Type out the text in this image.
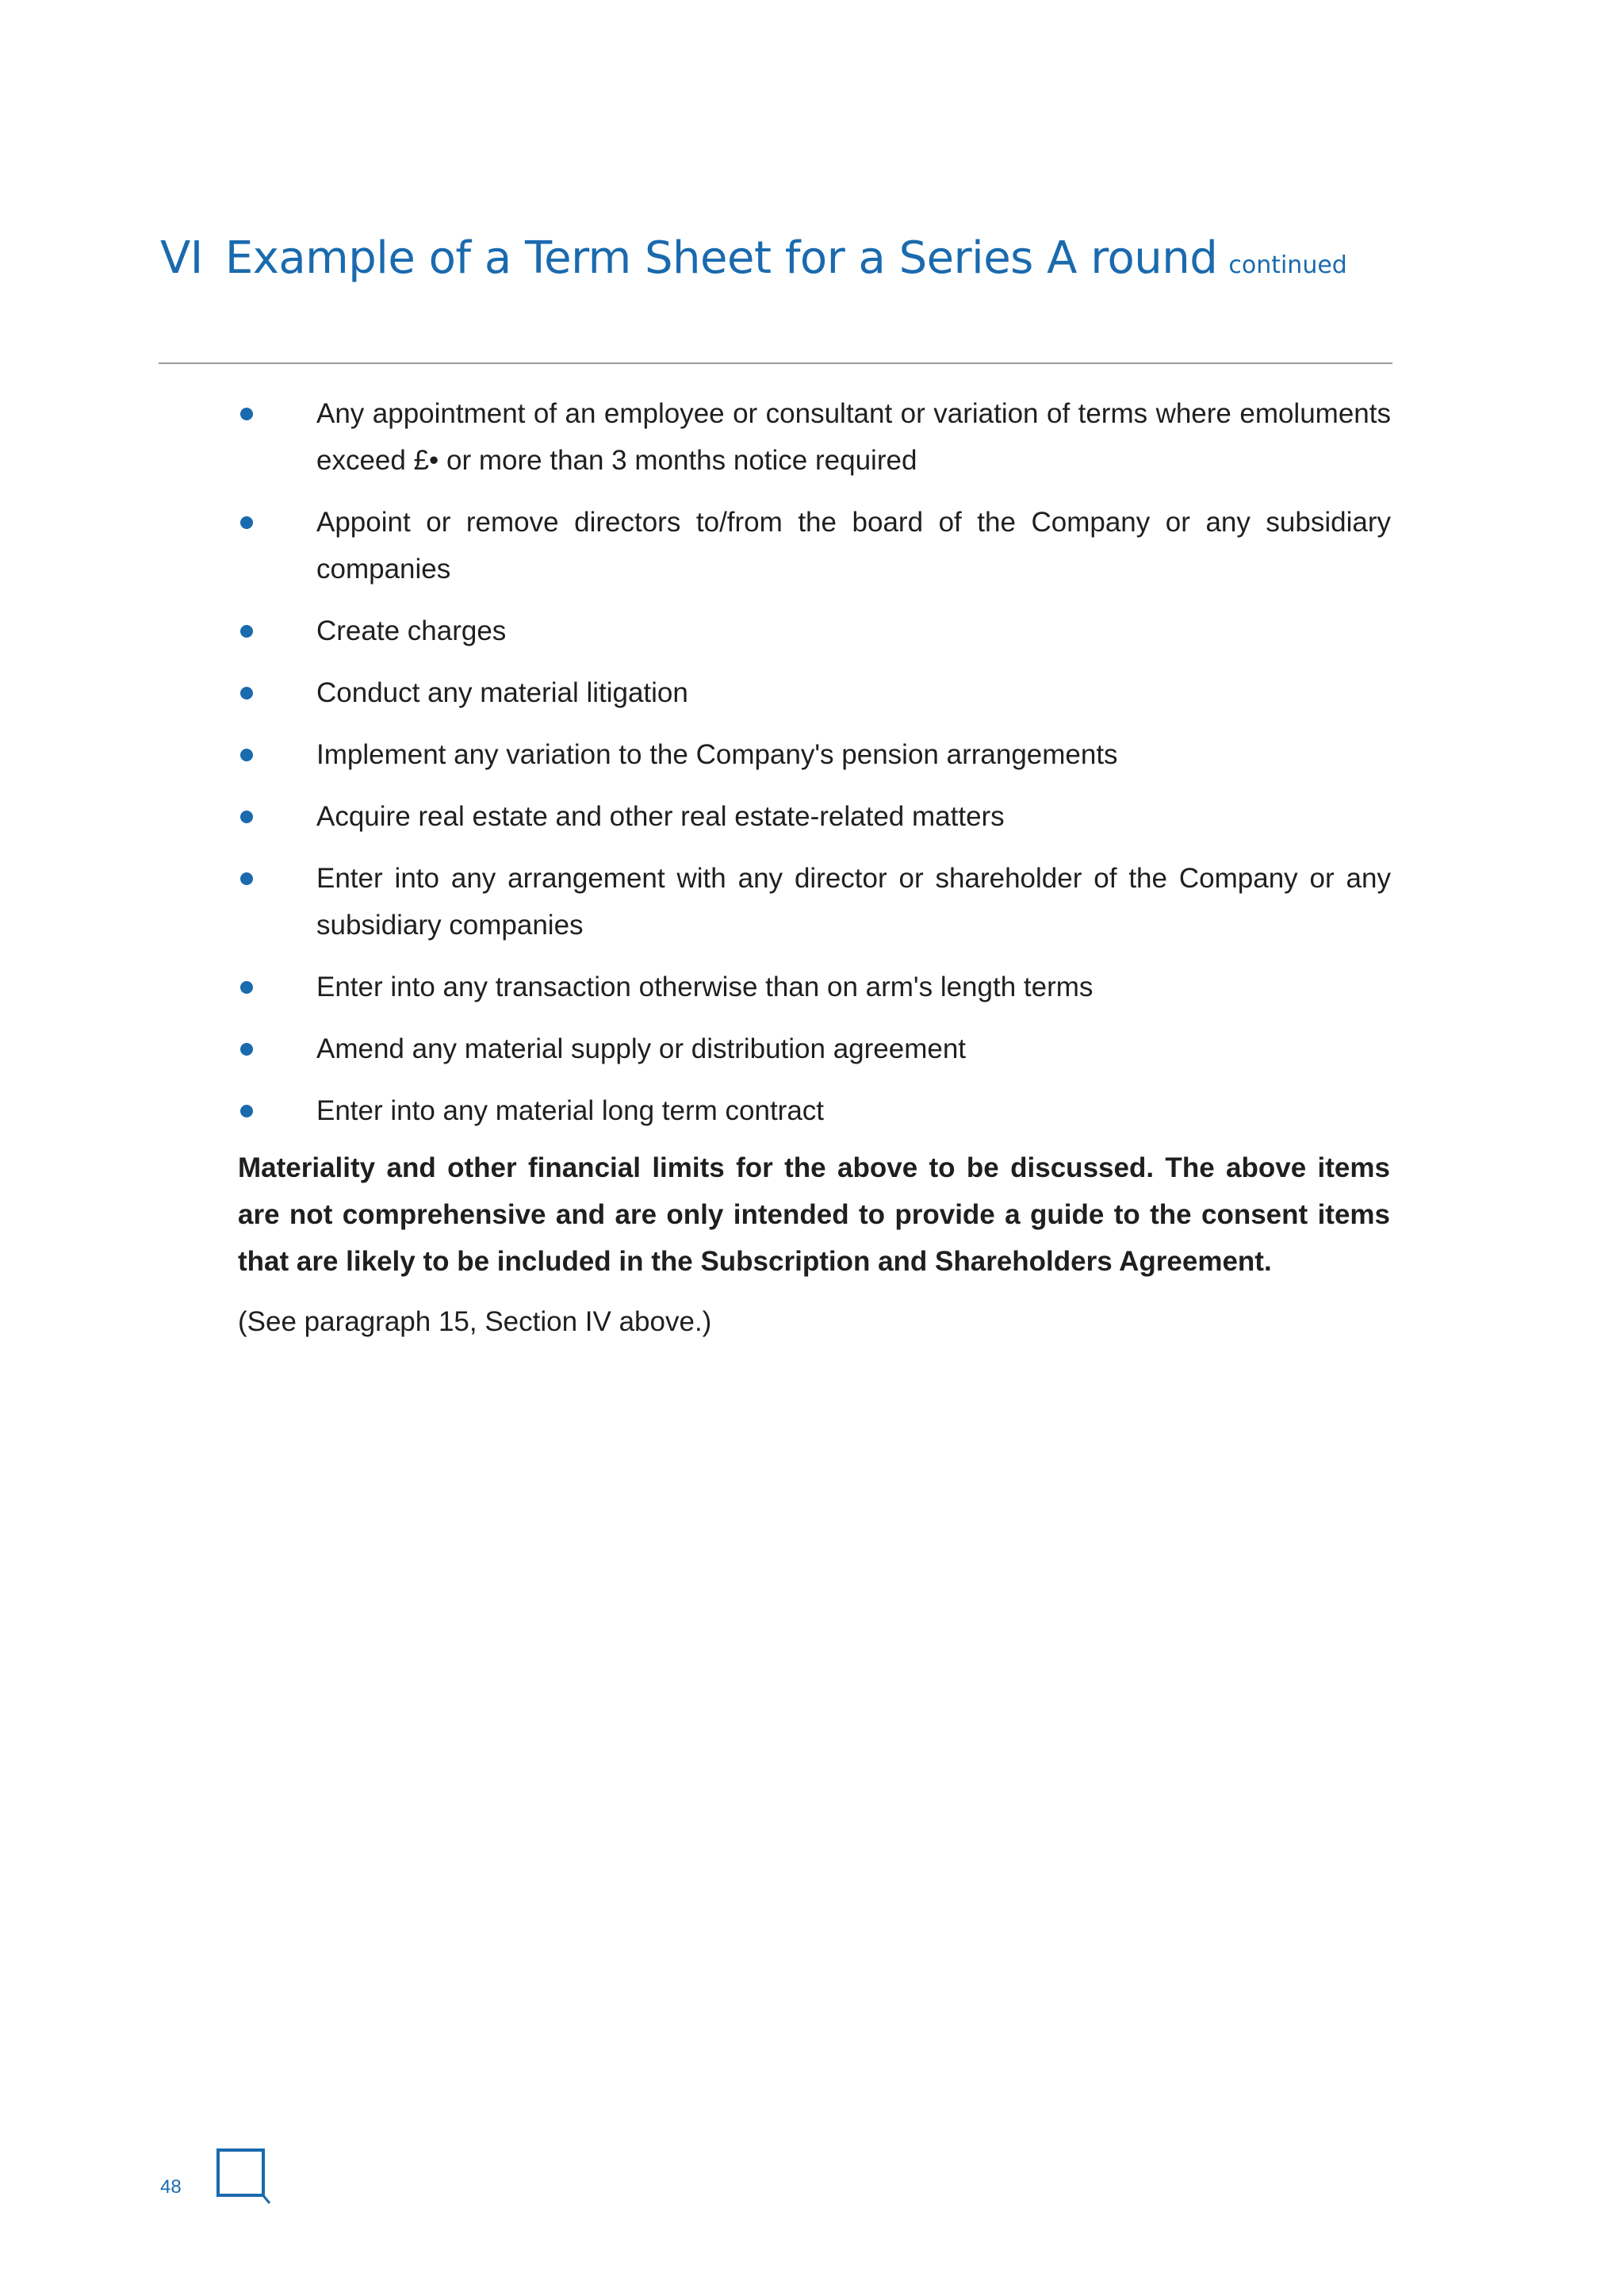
VI Example of a Term Sheet for a Series A round continued
Any appointment of an employee or consultant or variation of terms where emoluments exceed £• or more than 3 months notice required
Appoint or remove directors to/from the board of the Company or any subsidiary companies
Create charges
Conduct any material litigation
Implement any variation to the Company's pension arrangements
Acquire real estate and other real estate-related matters
Enter into any arrangement with any director or shareholder of the Company or any subsidiary companies
Enter into any transaction otherwise than on arm's length terms
Amend any material supply or distribution agreement
Enter into any material long term contract

Materiality and other financial limits for the above to be discussed. The above items are not comprehensive and are only intended to provide a guide to the consent items that are likely to be included in the Subscription and Shareholders Agreement.

(See paragraph 15, Section IV above.)

48
